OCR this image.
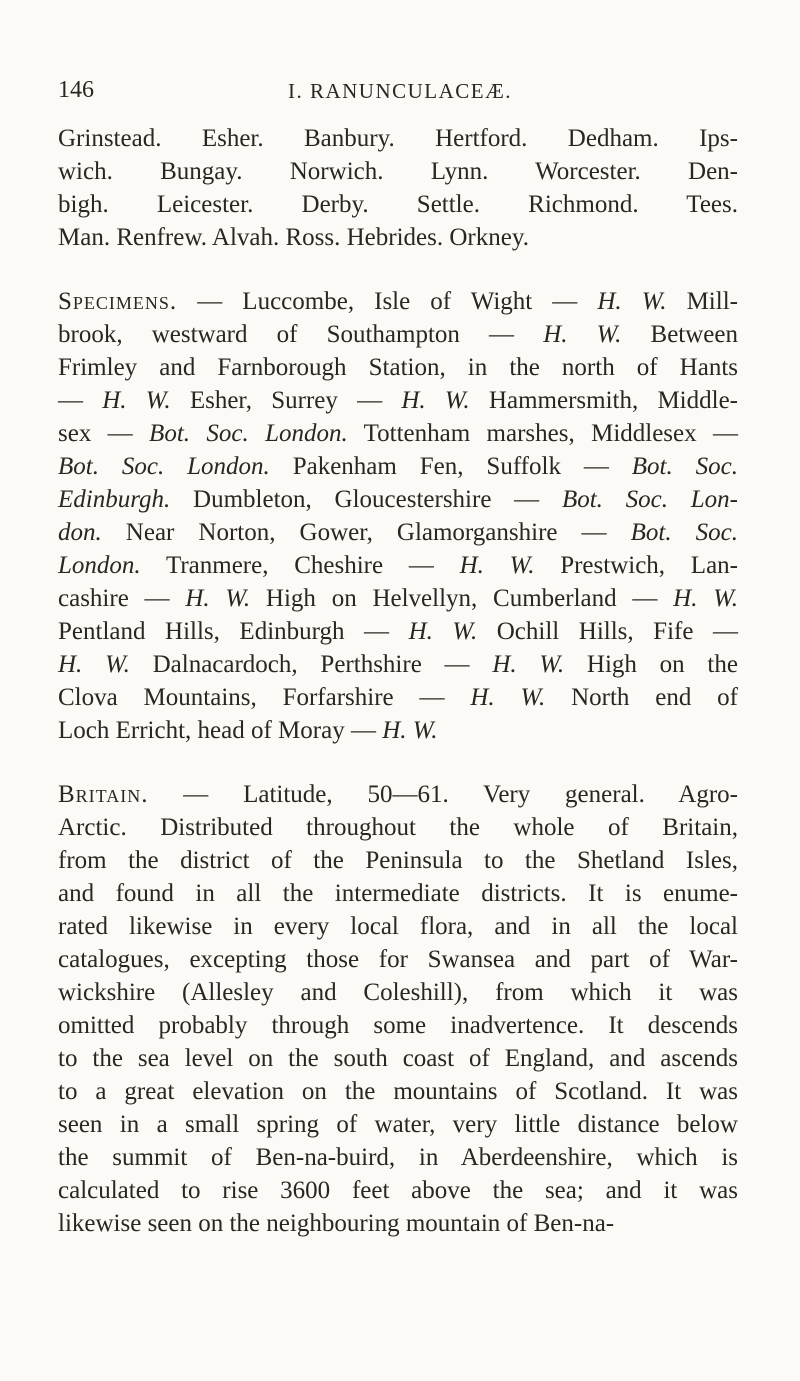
146	I. RANUNCULACEÆ.
Grinstead. Esher. Banbury. Hertford. Dedham. Ips-
wich. Bungay. Norwich. Lynn. Worcester. Den-
bigh. Leicester. Derby. Settle. Richmond. Tees.
Man. Renfrew. Alvah. Ross. Hebrides. Orkney.
Specimens. — Luccombe, Isle of Wight — H. W. Mill-
brook, westward of Southampton — H. W. Between
Frimley and Farnborough Station, in the north of Hants
— H. W. Esher, Surrey — H. W. Hammersmith, Middle-
sex — Bot. Soc. London. Tottenham marshes, Middlesex —
Bot. Soc. London. Pakenham Fen, Suffolk — Bot. Soc.
Edinburgh. Dumbleton, Gloucestershire — Bot. Soc. Lon-
don. Near Norton, Gower, Glamorganshire — Bot. Soc.
London. Tranmere, Cheshire — H. W. Prestwich, Lan-
cashire — H. W. High on Helvellyn, Cumberland — H. W.
Pentland Hills, Edinburgh — H. W. Ochill Hills, Fife —
H. W. Dalnacardoch, Perthshire — H. W. High on the
Clova Mountains, Forfarshire — H. W. North end of
Loch Erricht, head of Moray — H. W.
Britain. — Latitude, 50—61. Very general. Agro-
Arctic. Distributed throughout the whole of Britain,
from the district of the Peninsula to the Shetland Isles,
and found in all the intermediate districts. It is enume-
rated likewise in every local flora, and in all the local
catalogues, excepting those for Swansea and part of War-
wickshire (Allesley and Coleshill), from which it was
omitted probably through some inadvertence. It descends
to the sea level on the south coast of England, and ascends
to a great elevation on the mountains of Scotland. It was
seen in a small spring of water, very little distance below
the summit of Ben-na-buird, in Aberdeenshire, which is
calculated to rise 3600 feet above the sea; and it was
likewise seen on the neighbouring mountain of Ben-na-
